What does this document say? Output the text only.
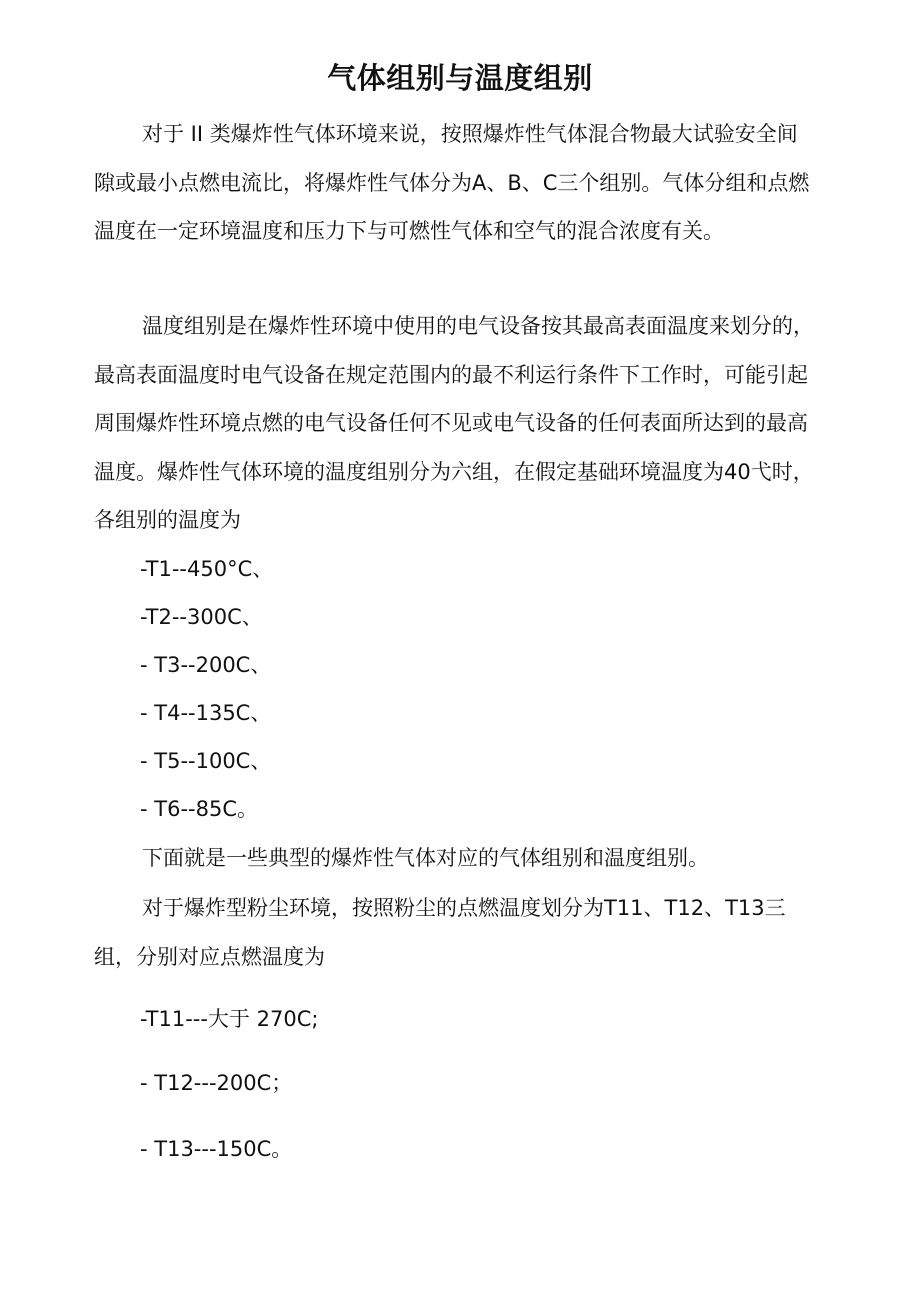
气体组别与温度组别

对于 II 类爆炸性气体环境来说，按照爆炸性气体混合物最大试验安全间隙或最小点燃电流比，将爆炸性气体分为A、B、C三个组别。气体分组和点燃温度在一定环境温度和压力下与可燃性气体和空气的混合浓度有关。

温度组别是在爆炸性环境中使用的电气设备按其最高表面温度来划分的，最高表面温度时电气设备在规定范围内的最不利运行条件下工作时，可能引起周围爆炸性环境点燃的电气设备任何不见或电气设备的任何表面所达到的最高温度。爆炸性气体环境的温度组别分为六组，在假定基础环境温度为40弋时，各组别的温度为

-T1--450°C、

-T2--300C、

- T3--200C、

- T4--135C、

- T5--100C、

- T6--85C。

下面就是一些典型的爆炸性气体对应的气体组别和温度组别。

对于爆炸型粉尘环境，按照粉尘的点燃温度划分为T11、T12、T13三组，分别对应点燃温度为

-T11---大于 270C;

- T12---200C；

- T13---150C。
